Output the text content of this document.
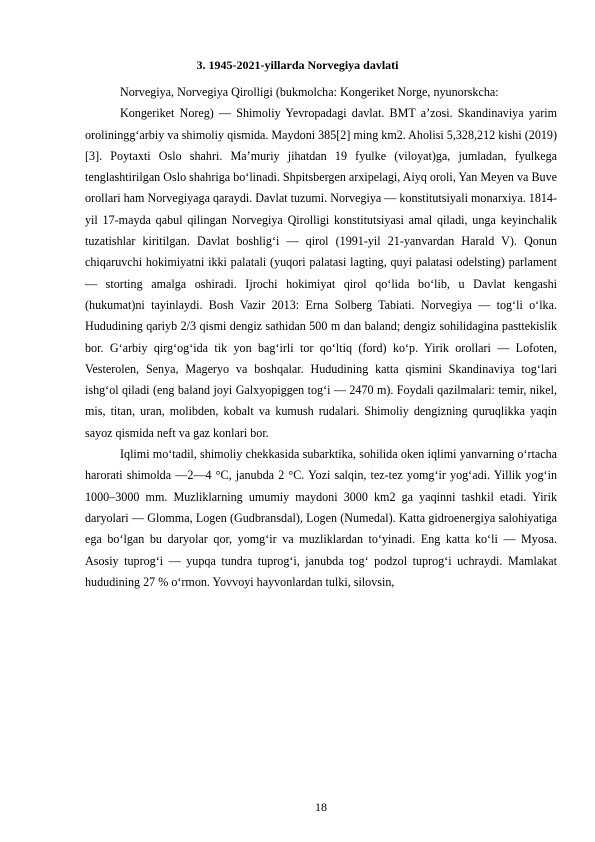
3. 1945-2021-yillarda Norvegiya davlati

Norvegiya, Norvegiya Qirolligi (bukmolcha: Kongeriket Norge, nyunorskcha:

Kongeriket Noreg) — Shimoliy Yevropadagi davlat. BMT aʼzosi. Skandinaviya yarim oroliningg‘arbiy va shimoliy qismida. Maydoni 385[2] ming km2. Aholisi 5,328,212 kishi (2019)[3]. Poytaxti Oslo shahri. Maʼmuriy jihatdan 19 fyulke (viloyat)ga, jumladan, fyulkega tenglashtirilgan Oslo shahriga bo‘linadi. Shpitsbergen arxipelagi, Aiyq oroli, Yan Meyen va Buve orollari ham Norvegiyaga qaraydi. Davlat tuzumi. Norvegiya — konstitutsiyali monarxiya. 1814-yil 17-mayda qabul qilingan Norvegiya Qirolligi konstitutsiyasi amal qiladi, unga keyinchalik tuzatishlar kiritilgan. Davlat boshlig‘i — qirol (1991-yil 21-yanvardan Harald V). Qonun chiqaruvchi hokimiyatni ikki palatali (yuqori palatasi lagting, quyi palatasi odelsting) parlament — storting amalga oshiradi. Ijrochi hokimiyat qirol qo‘lida bo‘lib, u Davlat kengashi (hukumat)ni tayinlaydi. Bosh Vazir 2013: Erna Solberg Tabiati. Norvegiya — tog‘li o‘lka. Hududining qariyb 2/3 qismi dengiz sathidan 500 m dan baland; dengiz sohilidagina pasttekislik bor. G‘arbiy qirg‘og‘ida tik yon bag‘irli tor qo‘ltiq (ford) ko‘p. Yirik orollari — Lofoten, Vesterolen, Senya, Mageryo va boshqalar. Hududining katta qismini Skandinaviya tog‘lari ishg‘ol qiladi (eng baland joyi Galxyopiggen tog‘i — 2470 m). Foydali qazilmalari: temir, nikel, mis, titan, uran, molibden, kobalt va kumush rudalari. Shimoliy dengizning quruqlikka yaqin sayoz qismida neft va gaz konlari bor.

Iqlimi mo‘tadil, shimoliy chekkasida subarktika, sohilida oken iqlimi yanvarning o‘rtacha harorati shimolda —2—4 °C, janubda 2 °C. Yozi salqin, tez-tez yomg‘ir yog‘adi. Yillik yog‘in 1000–3000 mm. Muzliklarning umumiy maydoni 3000 km2 ga yaqinni tashkil etadi. Yirik daryolari — Glomma, Logen (Gudbransdal), Logen (Numedal). Katta gidroenergiya salohiyatiga ega bo‘lgan bu daryolar qor, yomg‘ir va muzliklardan to‘yinadi. Eng katta ko‘li — Myosa. Asosiy tuprog‘i — yupqa tundra tuprog‘i, janubda tog‘ podzol tuprog‘i uchraydi. Mamlakat hududining 27 % o‘rmon. Yovvoyi hayvonlardan tulki, silovsin,

18
